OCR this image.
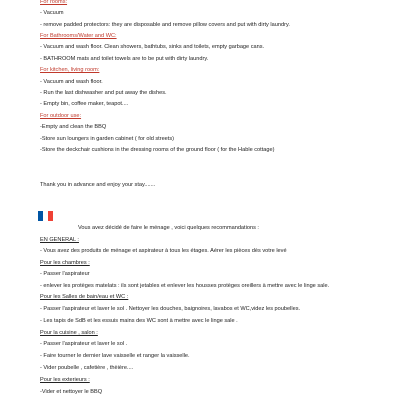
For rooms:
- Vacuum
- remove padded protectors: they are disposable and remove pillow covers and put with dirty laundry.
For Bathrooms/Water and WC:
- Vacuum and wash floor. Clean showers, bathtubs, sinks and toilets, empty garbage cans.
- BATHROOM mats and toilet towels are to be put with dirty laundry.
For kitchen, living room:
- Vacuum and wash floor.
- Run the last dishwasher and put away the dishes.
- Empty bin, coffee maker, teapot....
For outdoor use:
-Empty and clean the BBQ
-Store sun loungers in garden cabinet ( for old streets)
-Store the deckchair cushions in the dressing rooms of the ground floor ( for the Hable cottage)
Thank you in advance and enjoy your stay.......
Vous avez décidé de faire le ménage , voici quelques recommandations :
EN GENERAL :
- Vous avez des produits de ménage et aspirateur à tous les étages. Aérer les pièces dès votre levé
Pour les chambres :
- Passer l'aspirateur
- enlever les protèges matelats : ils sont jetables et enlever les housses protèges oreillers à mettre avec le linge sale.
Pour les Salles de bain/eau et WC :
- Passer l'aspirateur et laver le sol . Nettoyer les douches, baignoires, lavabos et WC,videz les poubelles.
- Les tapis de SdB et les essuis mains des WC sont à mettre avec le linge sale .
Pour la cuisine , salon :
- Passer l'aspirateur et laver le sol .
- Faire tourner le dernier lave vaisselle et ranger la vaisselle.
- Vider poubelle , cafetière , thèière....
Pour les exterieurs :
-Vider et nettoyer le BBQ
